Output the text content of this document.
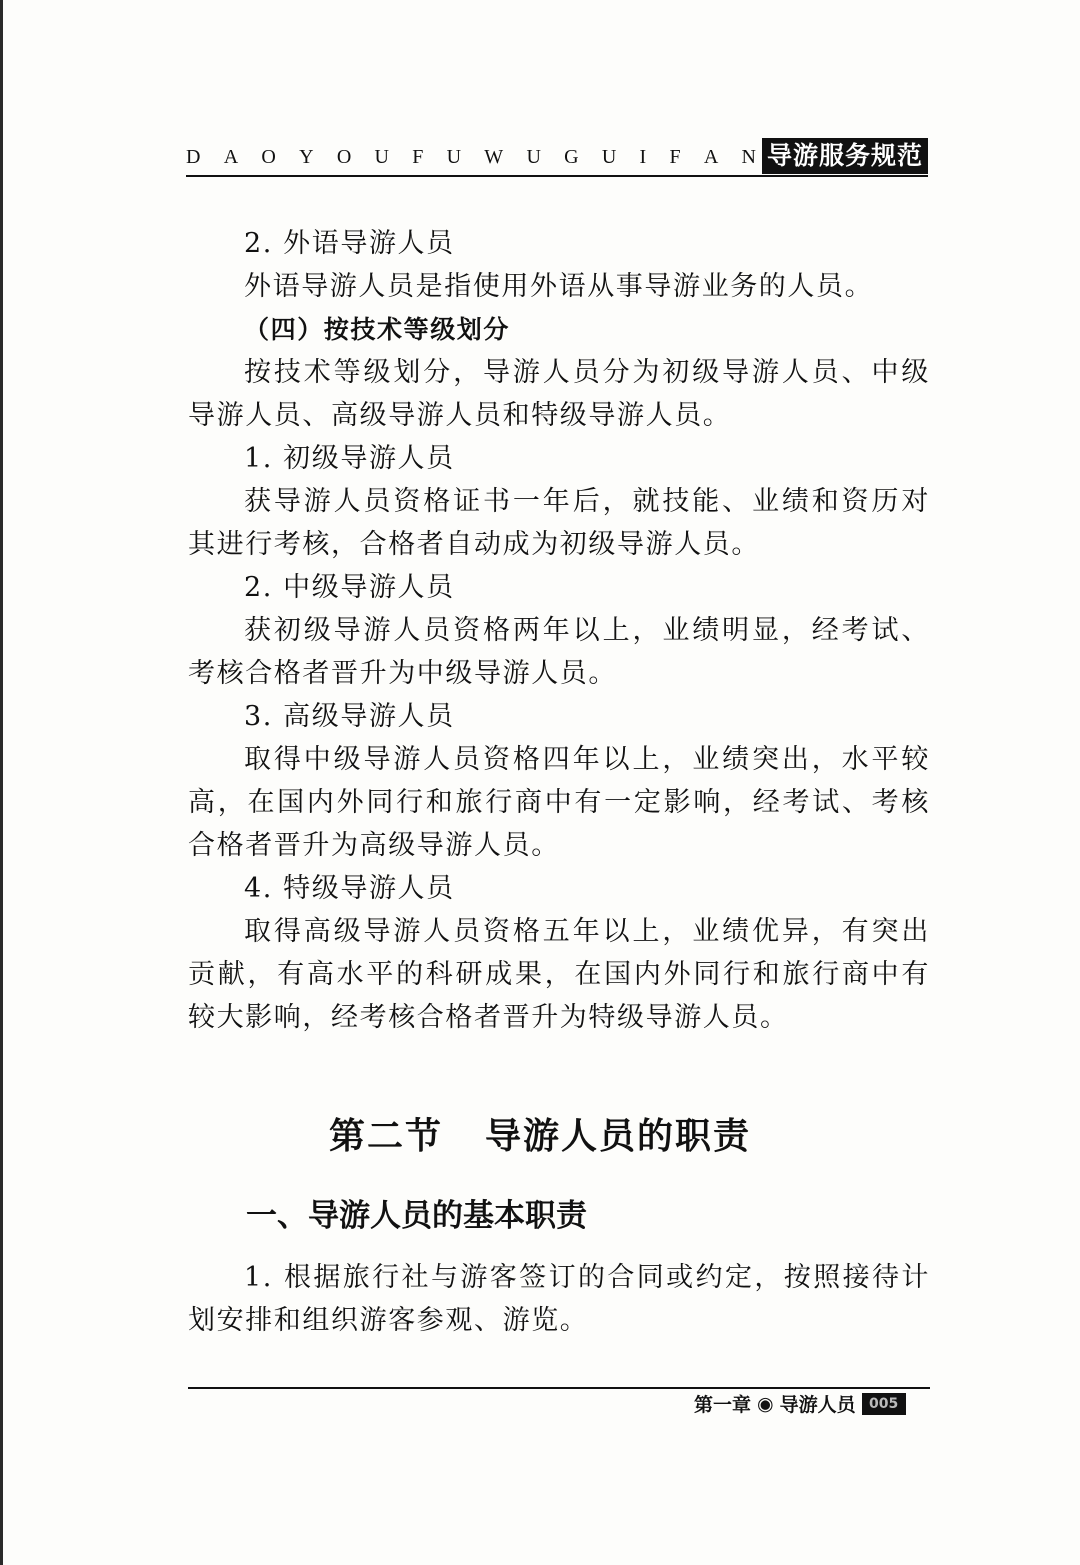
D A O Y O U F U W U G U I F A N 导游服务规范

2. 外语导游人员

外语导游人员是指使用外语从事导游业务的人员。

（四）按技术等级划分

按技术等级划分，导游人员分为初级导游人员、中级导游人员、高级导游人员和特级导游人员。

1. 初级导游人员

获导游人员资格证书一年后，就技能、业绩和资历对其进行考核，合格者自动成为初级导游人员。

2. 中级导游人员

获初级导游人员资格两年以上，业绩明显，经考试、考核合格者晋升为中级导游人员。

3. 高级导游人员

取得中级导游人员资格四年以上，业绩突出，水平较高，在国内外同行和旅行商中有一定影响，经考试、考核合格者晋升为高级导游人员。

4. 特级导游人员

取得高级导游人员资格五年以上，业绩优异，有突出贡献，有高水平的科研成果，在国内外同行和旅行商中有较大影响，经考核合格者晋升为特级导游人员。

第二节 导游人员的职责
一、导游人员的基本职责

1. 根据旅行社与游客签订的合同或约定，按照接待计划安排和组织游客参观、游览。

第一章 ◉ 导游人员 005
